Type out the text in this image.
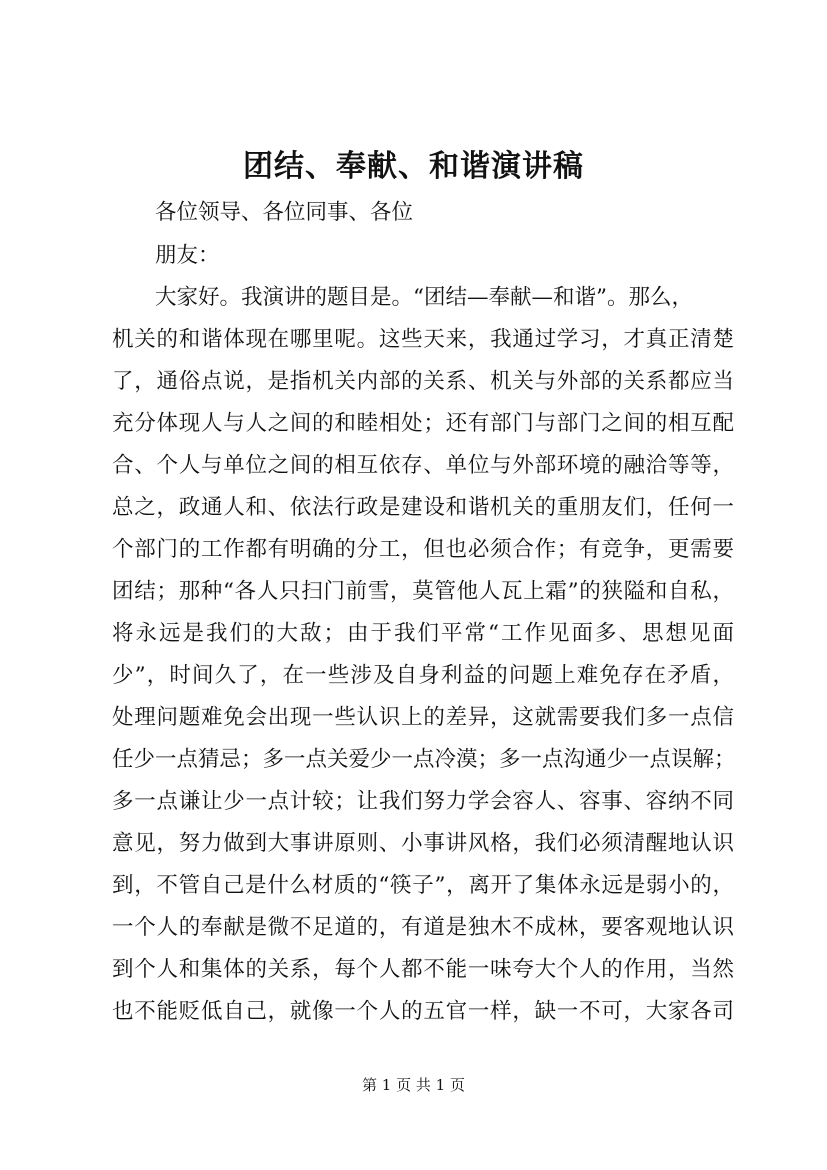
团结、奉献、和谐演讲稿
各位领导、各位同事、各位
朋友：
大家好。我演讲的题目是。“团结—奉献—和谐”。那么，
机关的和谐体现在哪里呢。这些天来，我通过学习，才真正清楚
了，通俗点说，是指机关内部的关系、机关与外部的关系都应当
充分体现人与人之间的和睦相处；还有部门与部门之间的相互配
合、个人与单位之间的相互依存、单位与外部环境的融洽等等，
总之，政通人和、依法行政是建设和谐机关的重朋友们，任何一
个部门的工作都有明确的分工，但也必须合作；有竞争，更需要
团结；那种“各人只扫门前雪，莫管他人瓦上霜”的狭隘和自私，
将永远是我们的大敌；由于我们平常“工作见面多、思想见面
少”，时间久了，在一些涉及自身利益的问题上难免存在矛盾，
处理问题难免会出现一些认识上的差异，这就需要我们多一点信
任少一点猜忌；多一点关爱少一点冷漠；多一点沟通少一点误解；
多一点谦让少一点计较；让我们努力学会容人、容事、容纳不同
意见，努力做到大事讲原则、小事讲风格，我们必须清醒地认识
到，不管自己是什么材质的“筷子”，离开了集体永远是弱小的，
一个人的奉献是微不足道的，有道是独木不成林，要客观地认识
到个人和集体的关系，每个人都不能一味夸大个人的作用，当然
也不能贬低自己，就像一个人的五官一样，缺一不可，大家各司
第 1 页 共 1 页
